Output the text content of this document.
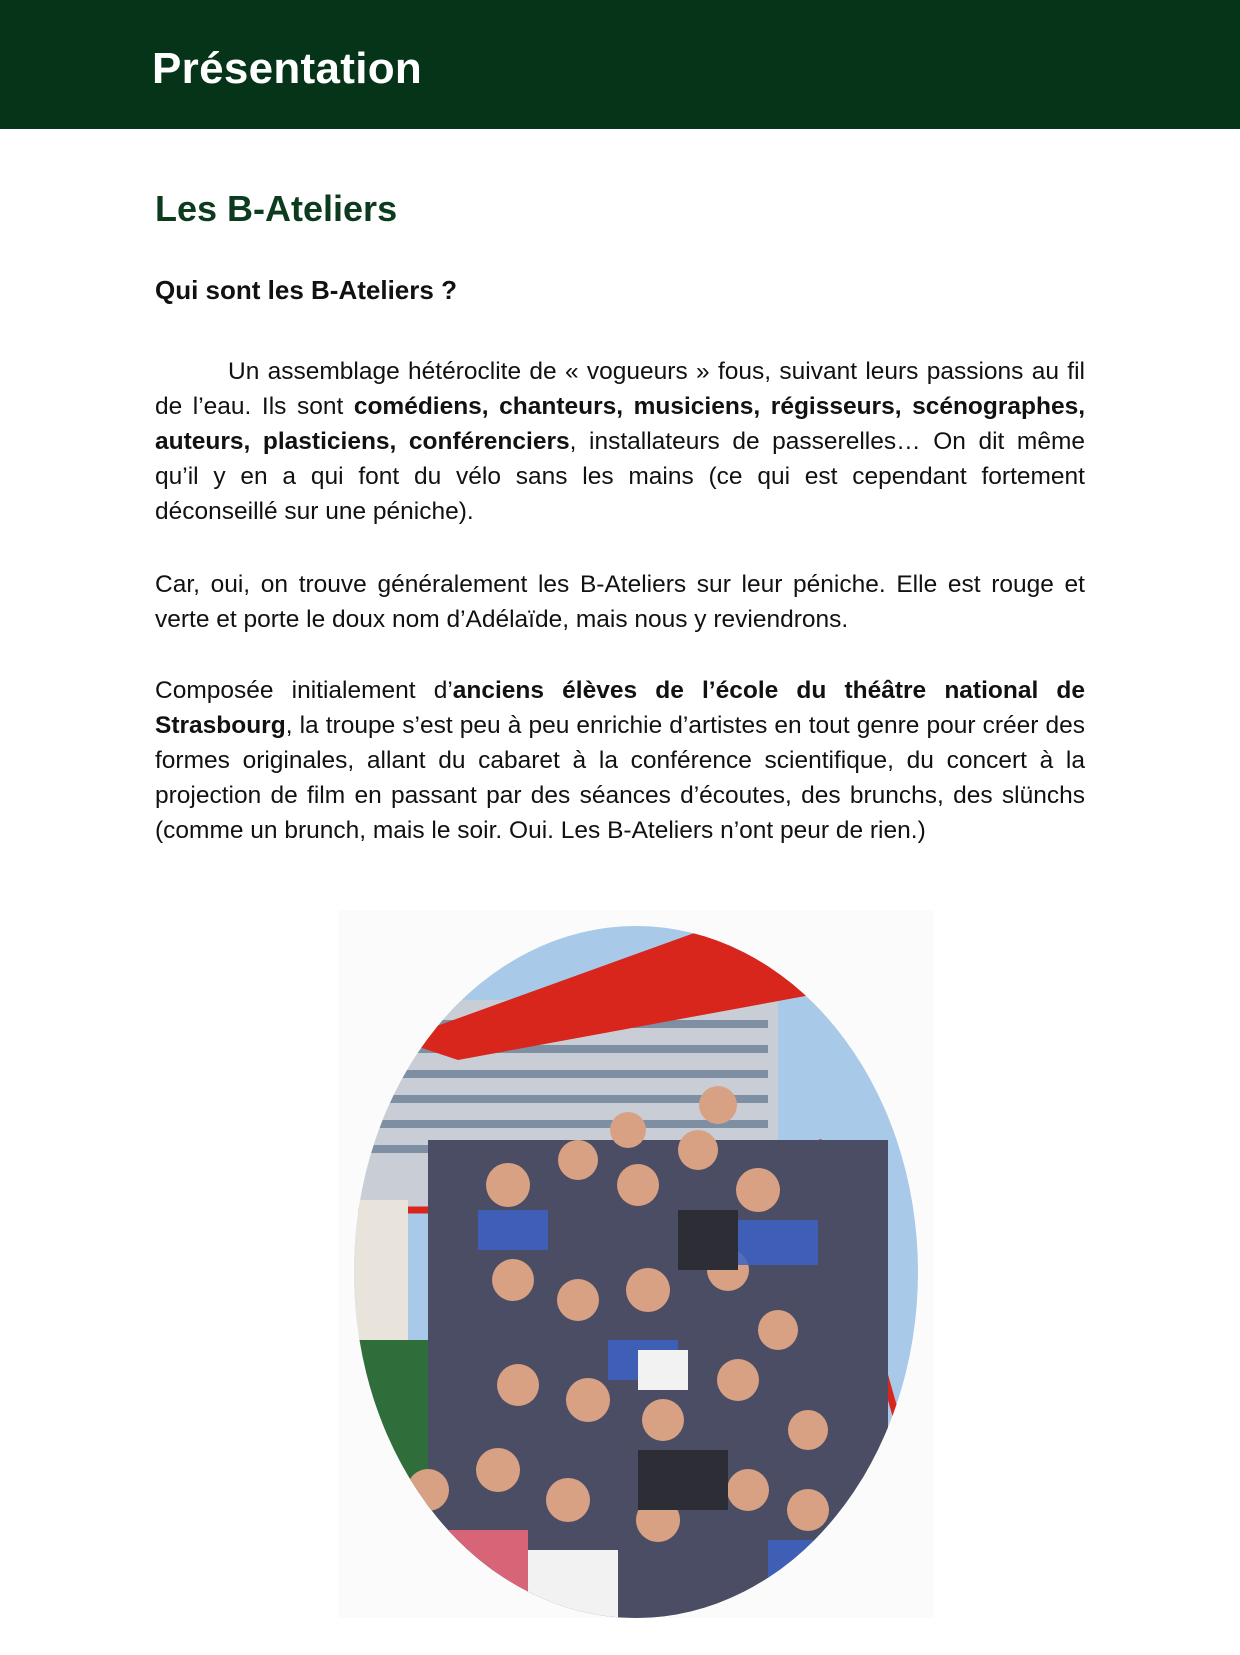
Présentation
Les B-Ateliers
Qui sont les B-Ateliers ?

Un assemblage hétéroclite de « vogueurs » fous, suivant leurs passions au fil de l’eau. Ils sont comédiens, chanteurs, musiciens, régisseurs, scénographes, auteurs, plasticiens, conférenciers, installateurs de passerelles… On dit même qu’il y en a qui font du vélo sans les mains (ce qui est cependant fortement déconseillé sur une péniche).

Car, oui, on trouve généralement les B-Ateliers sur leur péniche. Elle est rouge et verte et porte le doux nom d’Adélaïde, mais nous y reviendrons.

Composée initialement d’anciens élèves de l’école du théâtre national de Strasbourg, la troupe s’est peu à peu enrichie d’artistes en tout genre pour créer des formes originales, allant du cabaret à la conférence scientifique, du concert à la projection de film en passant par des séances d’écoutes, des brunchs, des slünchs (comme un brunch, mais le soir. Oui. Les B-Ateliers n’ont peur de rien.)
